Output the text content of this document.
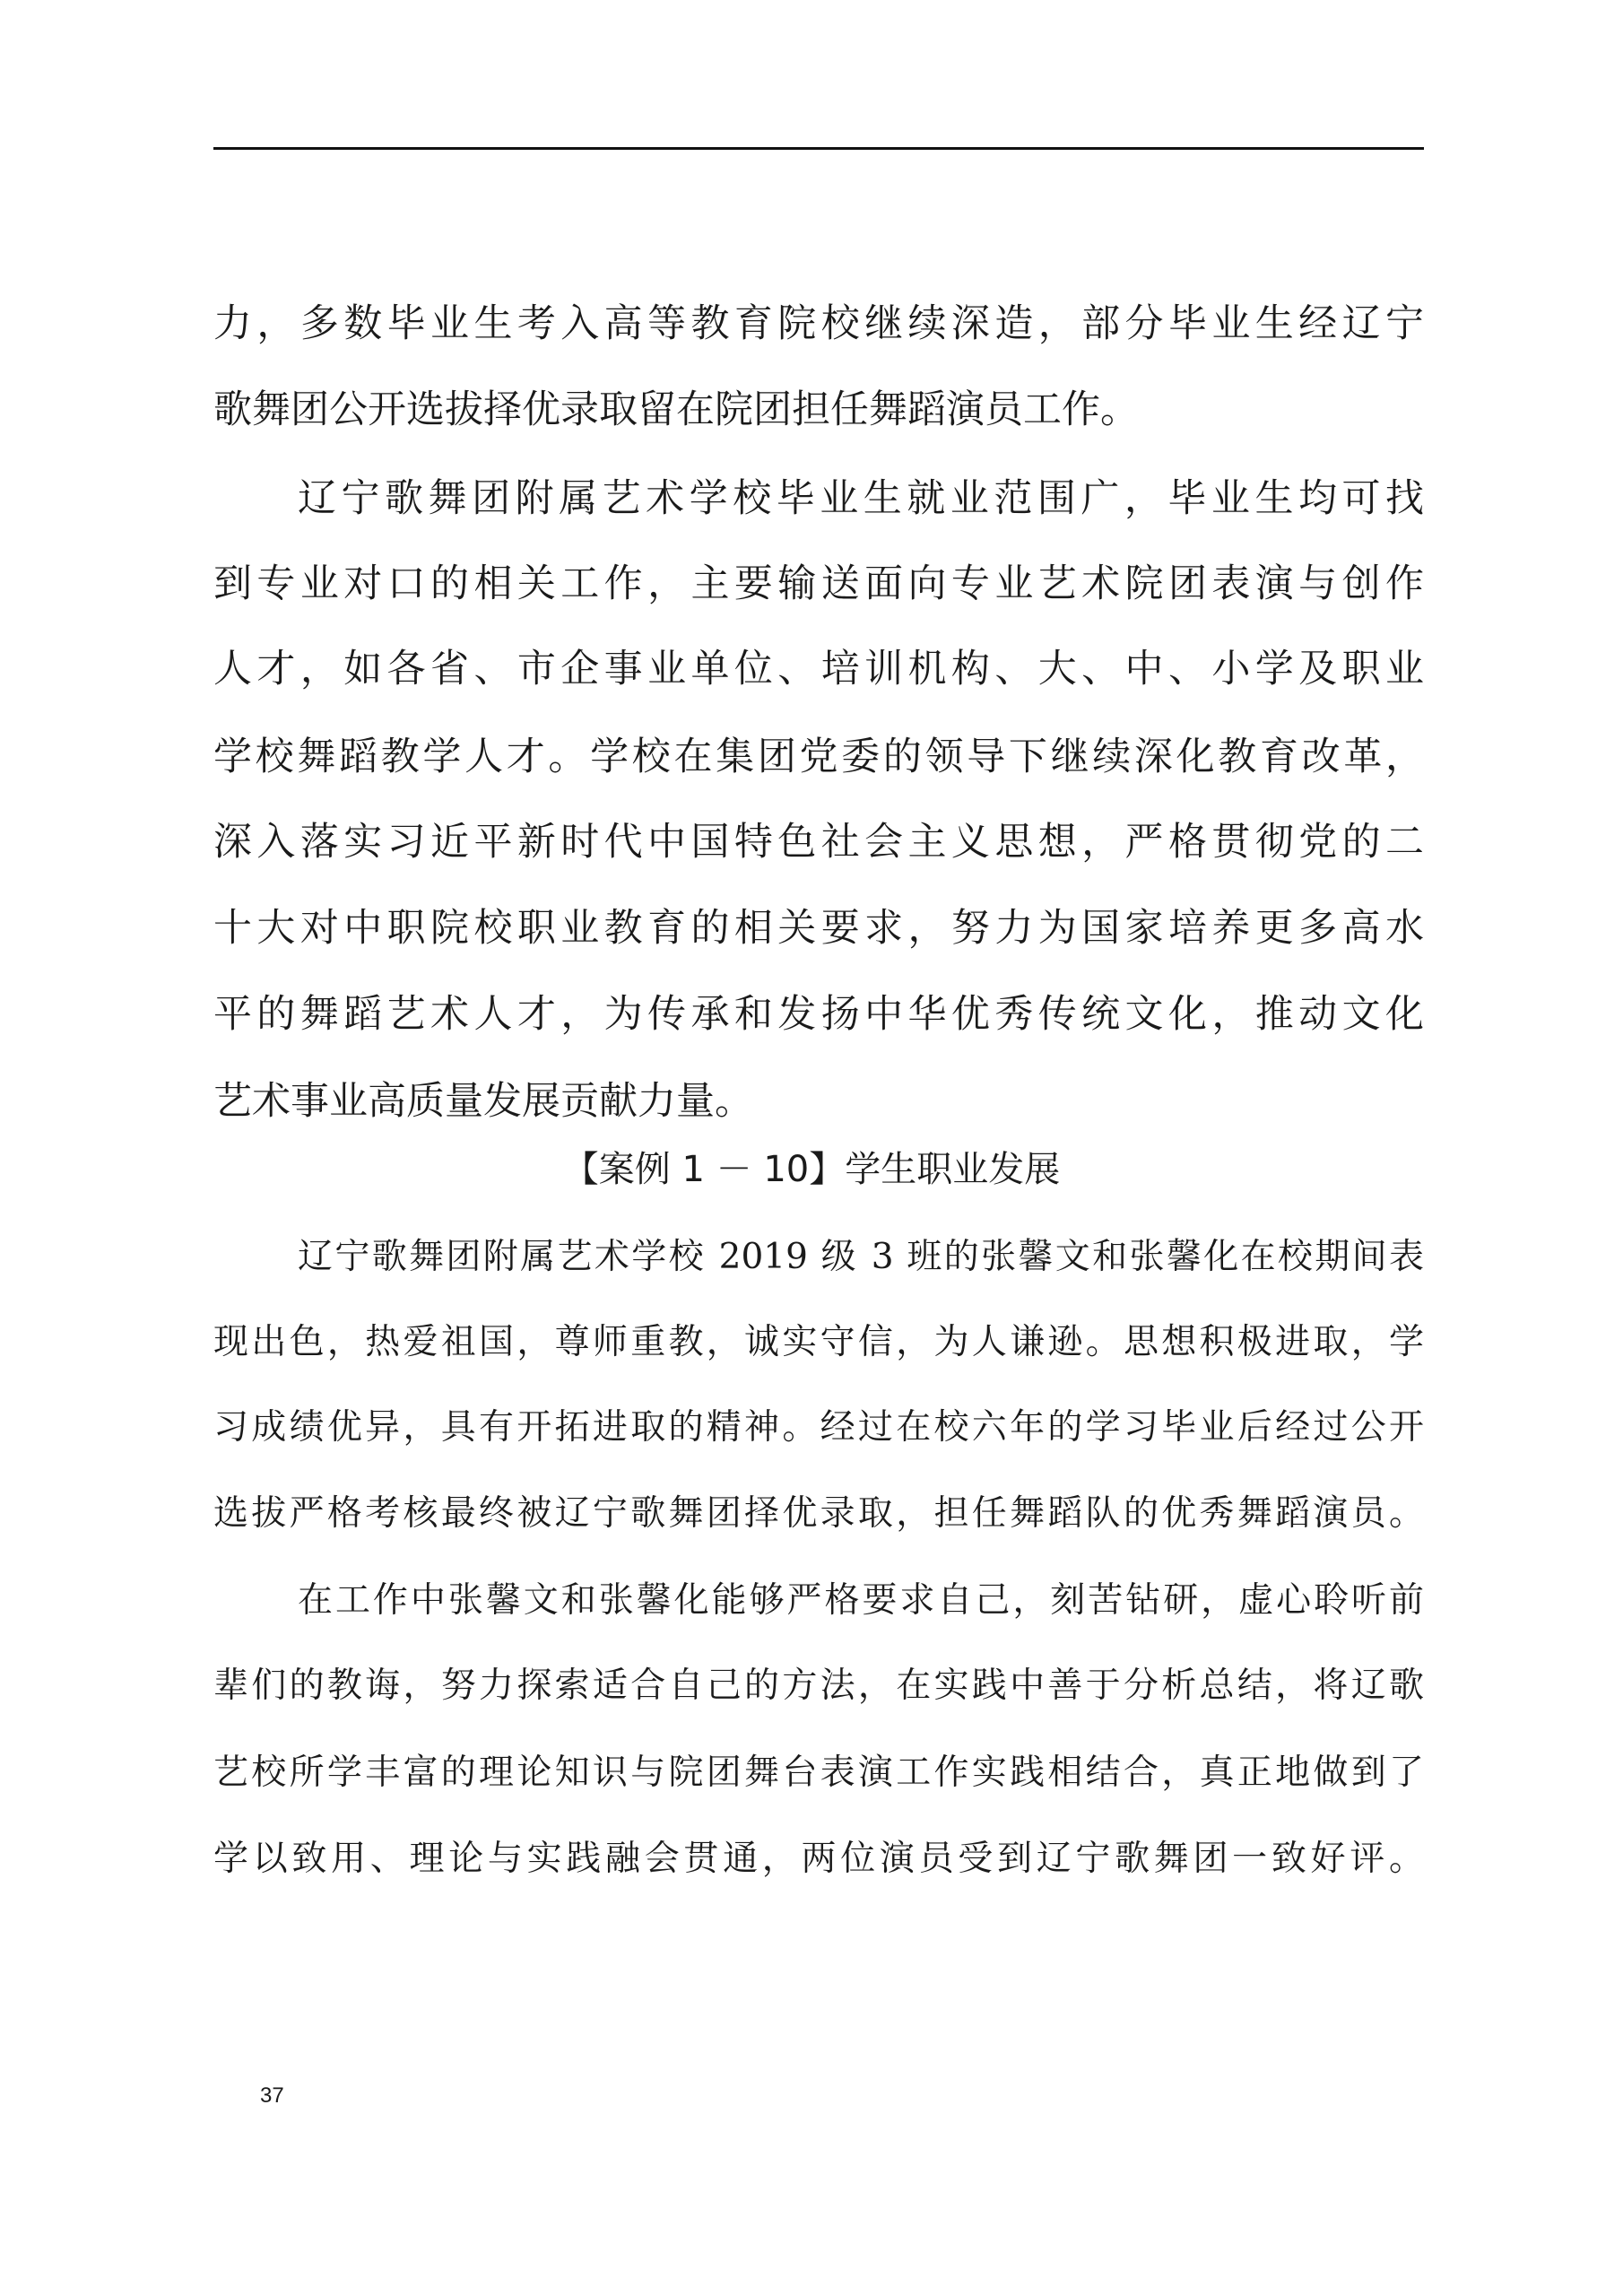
力，多数毕业生考入高等教育院校继续深造，部分毕业生经辽宁

歌舞团公开选拔择优录取留在院团担任舞蹈演员工作。

辽宁歌舞团附属艺术学校毕业生就业范围广，毕业生均可找

到专业对口的相关工作，主要输送面向专业艺术院团表演与创作

人才，如各省、市企事业单位、培训机构、大、中、小学及职业

学校舞蹈教学人才。学校在集团党委的领导下继续深化教育改革，

深入落实习近平新时代中国特色社会主义思想，严格贯彻党的二

十大对中职院校职业教育的相关要求，努力为国家培养更多高水

平的舞蹈艺术人才，为传承和发扬中华优秀传统文化，推动文化

艺术事业高质量发展贡献力量。

【案例 1 － 10】学生职业发展

辽宁歌舞团附属艺术学校 2019 级 3 班的张馨文和张馨化在校期间表

现出色，热爱祖国，尊师重教，诚实守信，为人谦逊。思想积极进取，学

习成绩优异，具有开拓进取的精神。经过在校六年的学习毕业后经过公开

选拔严格考核最终被辽宁歌舞团择优录取，担任舞蹈队的优秀舞蹈演员。

在工作中张馨文和张馨化能够严格要求自己，刻苦钻研，虚心聆听前

辈们的教诲，努力探索适合自己的方法，在实践中善于分析总结，将辽歌

艺校所学丰富的理论知识与院团舞台表演工作实践相结合，真正地做到了

学以致用、理论与实践融会贯通，两位演员受到辽宁歌舞团一致好评。

37
